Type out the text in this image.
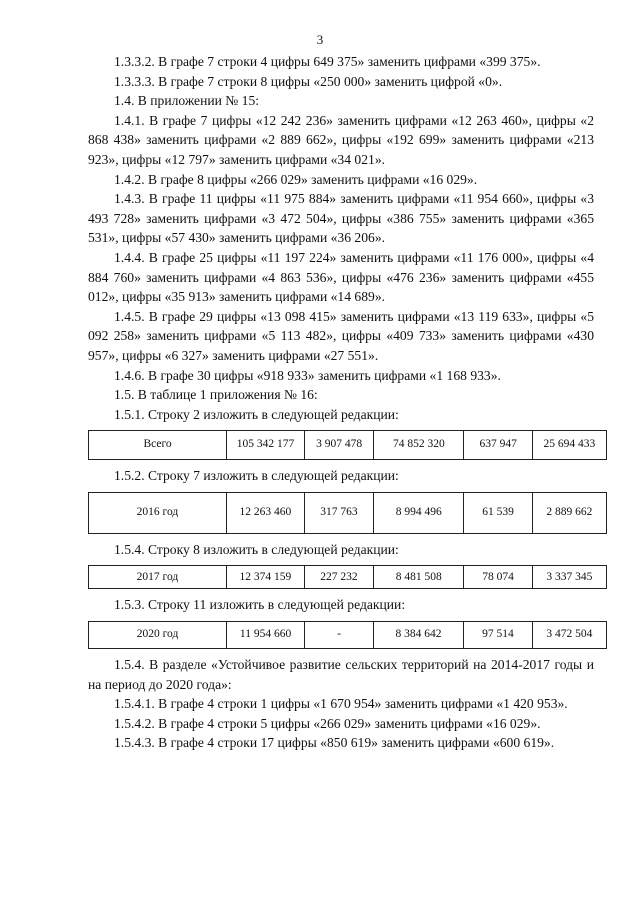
3

1.3.3.2. В графе 7 строки 4 цифры 649 375» заменить цифрами «399 375».

1.3.3.3. В графе 7 строки 8 цифры «250 000» заменить цифрой «0».

1.4. В приложении № 15:

1.4.1. В графе 7 цифры «12 242 236» заменить цифрами «12 263 460», цифры «2 868 438» заменить цифрами «2 889 662», цифры «192 699» заменить цифрами «213 923», цифры «12 797» заменить цифрами «34 021».

1.4.2. В графе 8 цифры «266 029» заменить цифрами «16 029».

1.4.3. В графе 11 цифры «11 975 884» заменить цифрами «11 954 660», цифры «3 493 728» заменить цифрами «3 472 504», цифры «386 755» заменить цифрами «365 531», цифры «57 430» заменить цифрами «36 206».

1.4.4. В графе 25 цифры «11 197 224» заменить цифрами «11 176 000», цифры «4 884 760» заменить цифрами «4 863 536», цифры «476 236» заменить цифрами «455 012», цифры «35 913» заменить цифрами «14 689».

1.4.5. В графе 29 цифры «13 098 415» заменить цифрами «13 119 633», цифры «5 092 258» заменить цифрами «5 113 482», цифры «409 733» заменить цифрами «430 957», цифры «6 327» заменить цифрами «27 551».

1.4.6. В графе 30 цифры «918 933» заменить цифрами «1 168 933».

1.5. В таблице 1 приложения № 16:

1.5.1. Строку 2 изложить в следующей редакции:

Всего	105 342 177	3 907 478	74 852 320	637 947	25 694 433

1.5.2. Строку 7 изложить в следующей редакции:

2016 год	12 263 460	317 763	8 994 496	61 539	2 889 662

1.5.4. Строку 8 изложить в следующей редакции:

2017 год	12 374 159	227 232	8 481 508	78 074	3 337 345

1.5.3. Строку 11 изложить в следующей редакции:

2020 год	11 954 660	-	8 384 642	97 514	3 472 504

1.5.4. В разделе «Устойчивое развитие сельских территорий на 2014-2017 годы и на период до 2020 года»:

1.5.4.1. В графе 4 строки 1 цифры «1 670 954» заменить цифрами «1 420 953».

1.5.4.2. В графе 4 строки 5 цифры «266 029» заменить цифрами «16 029».

1.5.4.3. В графе 4 строки 17 цифры «850 619» заменить цифрами «600 619».
